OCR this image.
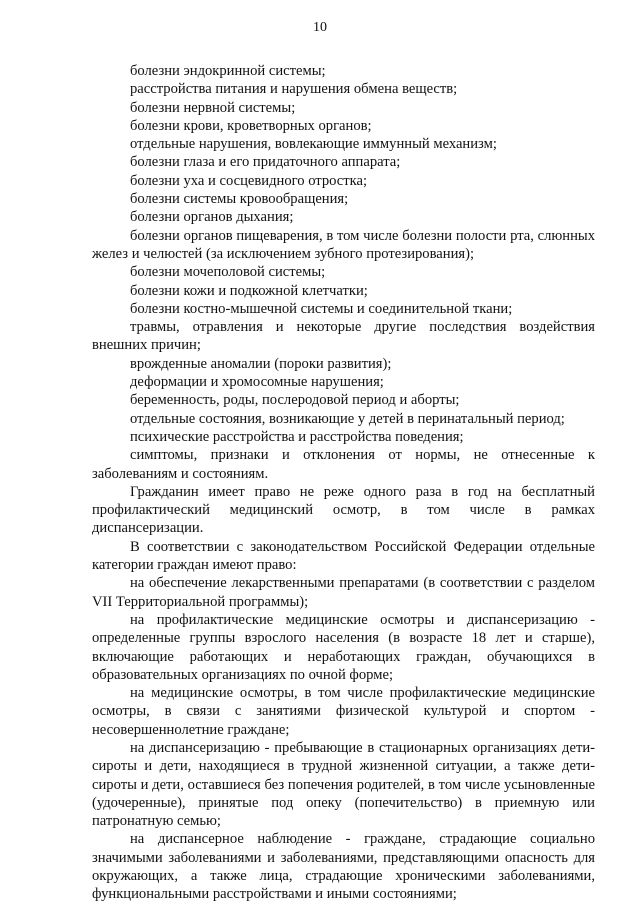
10

болезни эндокринной системы;

расстройства питания и нарушения обмена веществ;

болезни нервной системы;

болезни крови, кроветворных органов;

отдельные нарушения, вовлекающие иммунный механизм;

болезни глаза и его придаточного аппарата;

болезни уха и сосцевидного отростка;

болезни системы кровообращения;

болезни органов дыхания;

болезни органов пищеварения, в том числе болезни полости рта, слюнных желез и челюстей (за исключением зубного протезирования);

болезни мочеполовой системы;

болезни кожи и подкожной клетчатки;

болезни костно-мышечной системы и соединительной ткани;

травмы, отравления и некоторые другие последствия воздействия внешних причин;

врожденные аномалии (пороки развития);

деформации и хромосомные нарушения;

беременность, роды, послеродовой период и аборты;

отдельные состояния, возникающие у детей в перинатальный период;

психические расстройства и расстройства поведения;

симптомы, признаки и отклонения от нормы, не отнесенные к заболеваниям и состояниям.

Гражданин имеет право не реже одного раза в год на бесплатный профилактический медицинский осмотр, в том числе в рамках диспансеризации.

В соответствии с законодательством Российской Федерации отдельные категории граждан имеют право:

на обеспечение лекарственными препаратами (в соответствии с разделом VII Территориальной программы);

на профилактические медицинские осмотры и диспансеризацию - определенные группы взрослого населения (в возрасте 18 лет и старше), включающие работающих и неработающих граждан, обучающихся в образовательных организациях по очной форме;

на медицинские осмотры, в том числе профилактические медицинские осмотры, в связи с занятиями физической культурой и спортом - несовершеннолетние граждане;

на диспансеризацию - пребывающие в стационарных организациях дети-сироты и дети, находящиеся в трудной жизненной ситуации, а также дети-сироты и дети, оставшиеся без попечения родителей, в том числе усыновленные (удочеренные), принятые под опеку (попечительство) в приемную или патронатную семью;

на диспансерное наблюдение - граждане, страдающие социально значимыми заболеваниями и заболеваниями, представляющими опасность для окружающих, а также лица, страдающие хроническими заболеваниями, функциональными расстройствами и иными состояниями;
